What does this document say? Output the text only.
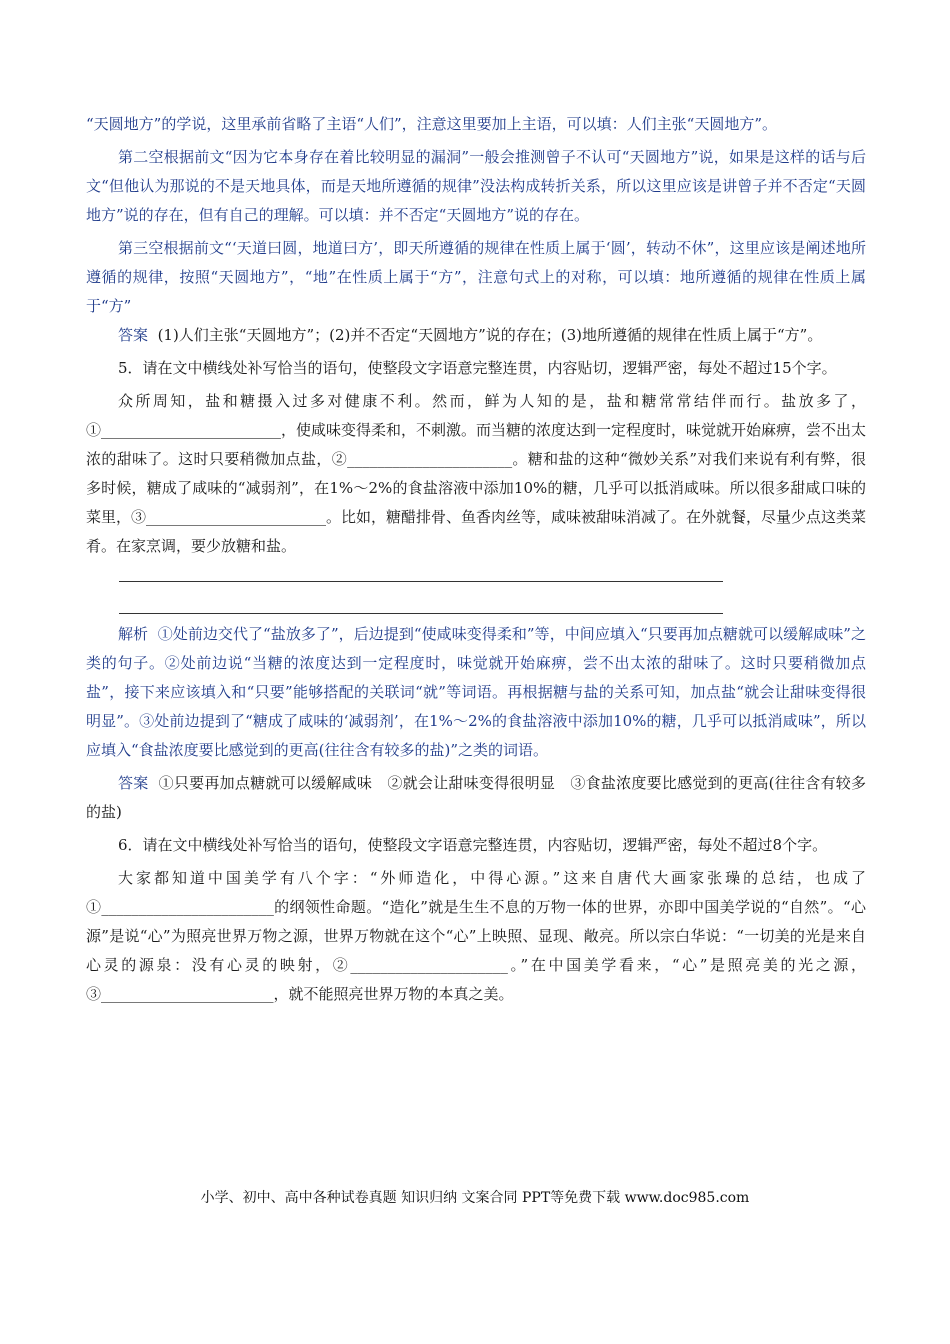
“天圆地方”的学说，这里承前省略了主语“人们”，注意这里要加上主语，可以填：人们主张“天圆地方”。

第二空根据前文“因为它本身存在着比较明显的漏洞”一般会推测曾子不认可“天圆地方”说，如果是这样的话与后文“但他认为那说的不是天地具体，而是天地所遵循的规律”没法构成转折关系，所以这里应该是讲曾子并不否定“天圆地方”说的存在，但有自己的理解。可以填：并不否定“天圆地方”说的存在。

第三空根据前文“‘天道曰圆，地道曰方’，即天所遵循的规律在性质上属于‘圆’，转动不休”，这里应该是阐述地所遵循的规律，按照“天圆地方”，“地”在性质上属于“方”，注意句式上的对称，可以填：地所遵循的规律在性质上属于“方”

答案 (1)人们主张“天圆地方”；(2)并不否定“天圆地方”说的存在；(3)地所遵循的规律在性质上属于“方”。

5．请在文中横线处补写恰当的语句，使整段文字语意完整连贯，内容贴切，逻辑严密，每处不超过15个字。

众所周知，盐和糖摄入过多对健康不利。然而，鲜为人知的是，盐和糖常常结伴而行。盐放多了，①________________________，使咸味变得柔和，不刺激。而当糖的浓度达到一定程度时，味觉就开始麻痹，尝不出太浓的甜味了。这时只要稍微加点盐，②______________________。糖和盐的这种“微妙关系”对我们来说有利有弊，很多时候，糖成了咸味的“减弱剂”，在1%～2%的食盐溶液中添加10%的糖，几乎可以抵消咸味。所以很多甜咸口味的菜里，③________________________。比如，糖醋排骨、鱼香肉丝等，咸味被甜味消减了。在外就餐，尽量少点这类菜肴。在家烹调，要少放糖和盐。

解析 ①处前边交代了“盐放多了”，后边提到“使咸味变得柔和”等，中间应填入“只要再加点糖就可以缓解咸味”之类的句子。②处前边说“当糖的浓度达到一定程度时，味觉就开始麻痹，尝不出太浓的甜味了。这时只要稍微加点盐”，接下来应该填入和“只要”能够搭配的关联词“就”等词语。再根据糖与盐的关系可知，加点盐“就会让甜味变得很明显”。③处前边提到了“糖成了咸味的‘减弱剂’，在1%～2%的食盐溶液中添加10%的糖，几乎可以抵消咸味”，所以应填入“食盐浓度要比感觉到的更高(往往含有较多的盐)”之类的词语。

答案 ①只要再加点糖就可以缓解咸味　②就会让甜味变得很明显　③食盐浓度要比感觉到的更高(往往含有较多的盐)

6．请在文中横线处补写恰当的语句，使整段文字语意完整连贯，内容贴切，逻辑严密，每处不超过8个字。

大家都知道中国美学有八个字：“外师造化，中得心源。”这来自唐代大画家张璪的总结，也成了①_______________________的纲领性命题。“造化”就是生生不息的万物一体的世界，亦即中国美学说的“自然”。“心源”是说“心”为照亮世界万物之源，世界万物就在这个“心”上映照、显现、敞亮。所以宗白华说：“一切美的光是来自心灵的源泉：没有心灵的映射，②_____________________。”在中国美学看来，“心”是照亮美的光之源，③_______________________，就不能照亮世界万物的本真之美。

小学、初中、高中各种试卷真题 知识归纳 文案合同 PPT等免费下载 www.doc985.com
